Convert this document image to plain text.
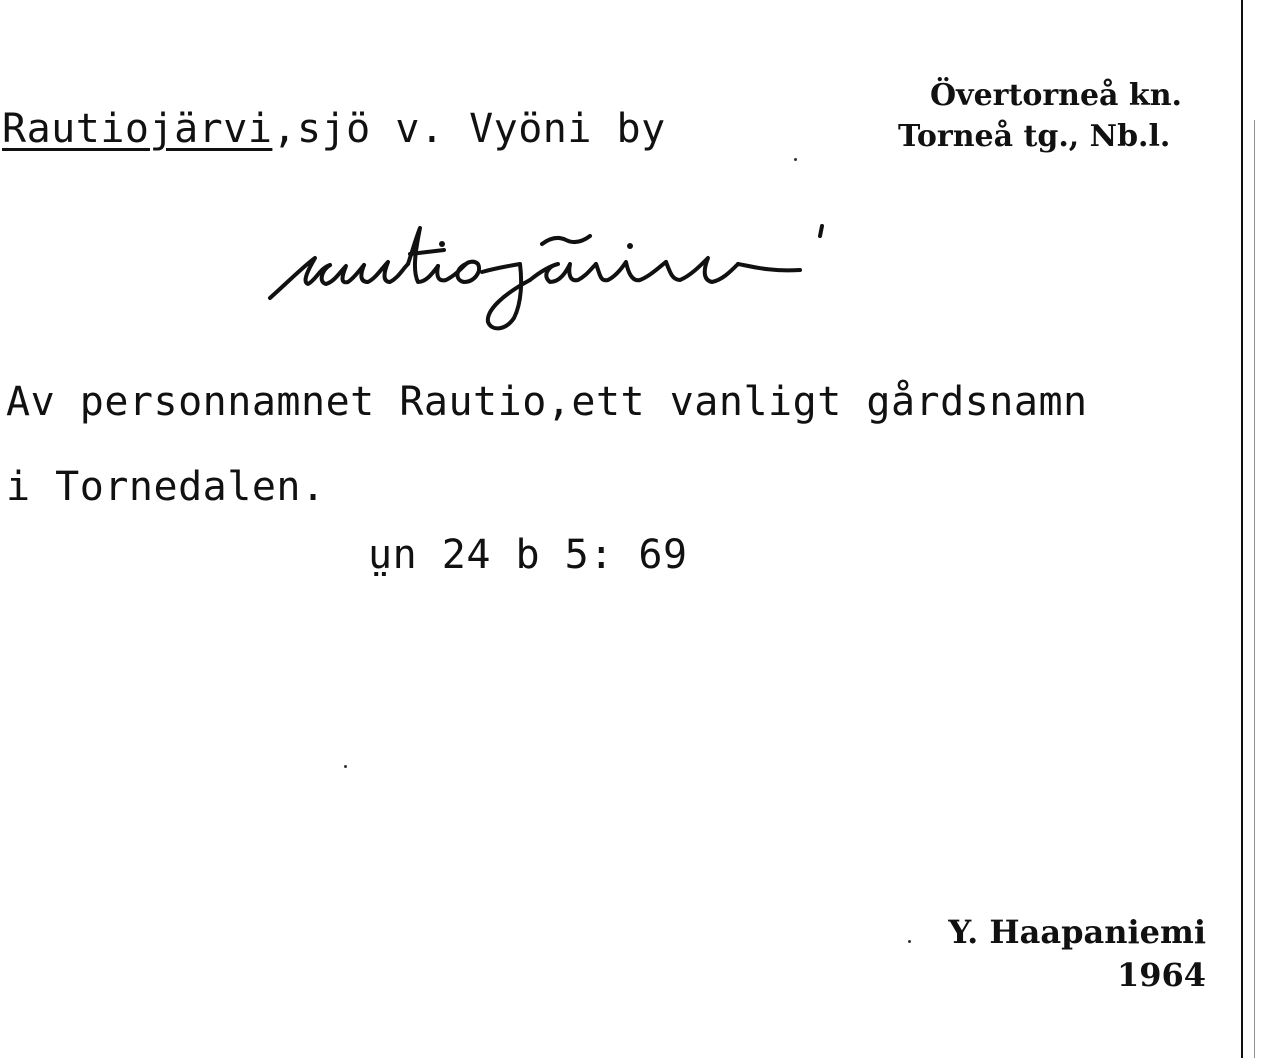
Rautiojärvi,sjö v. Vyöni by
Övertorneå kn.
Torneå tg., Nb.l.
Av personnamnet Rautio,ett vanligt gårdsnamn
i Tornedalen.
ṳn 24 b 5: 69
Y. Haapaniemi
1964
